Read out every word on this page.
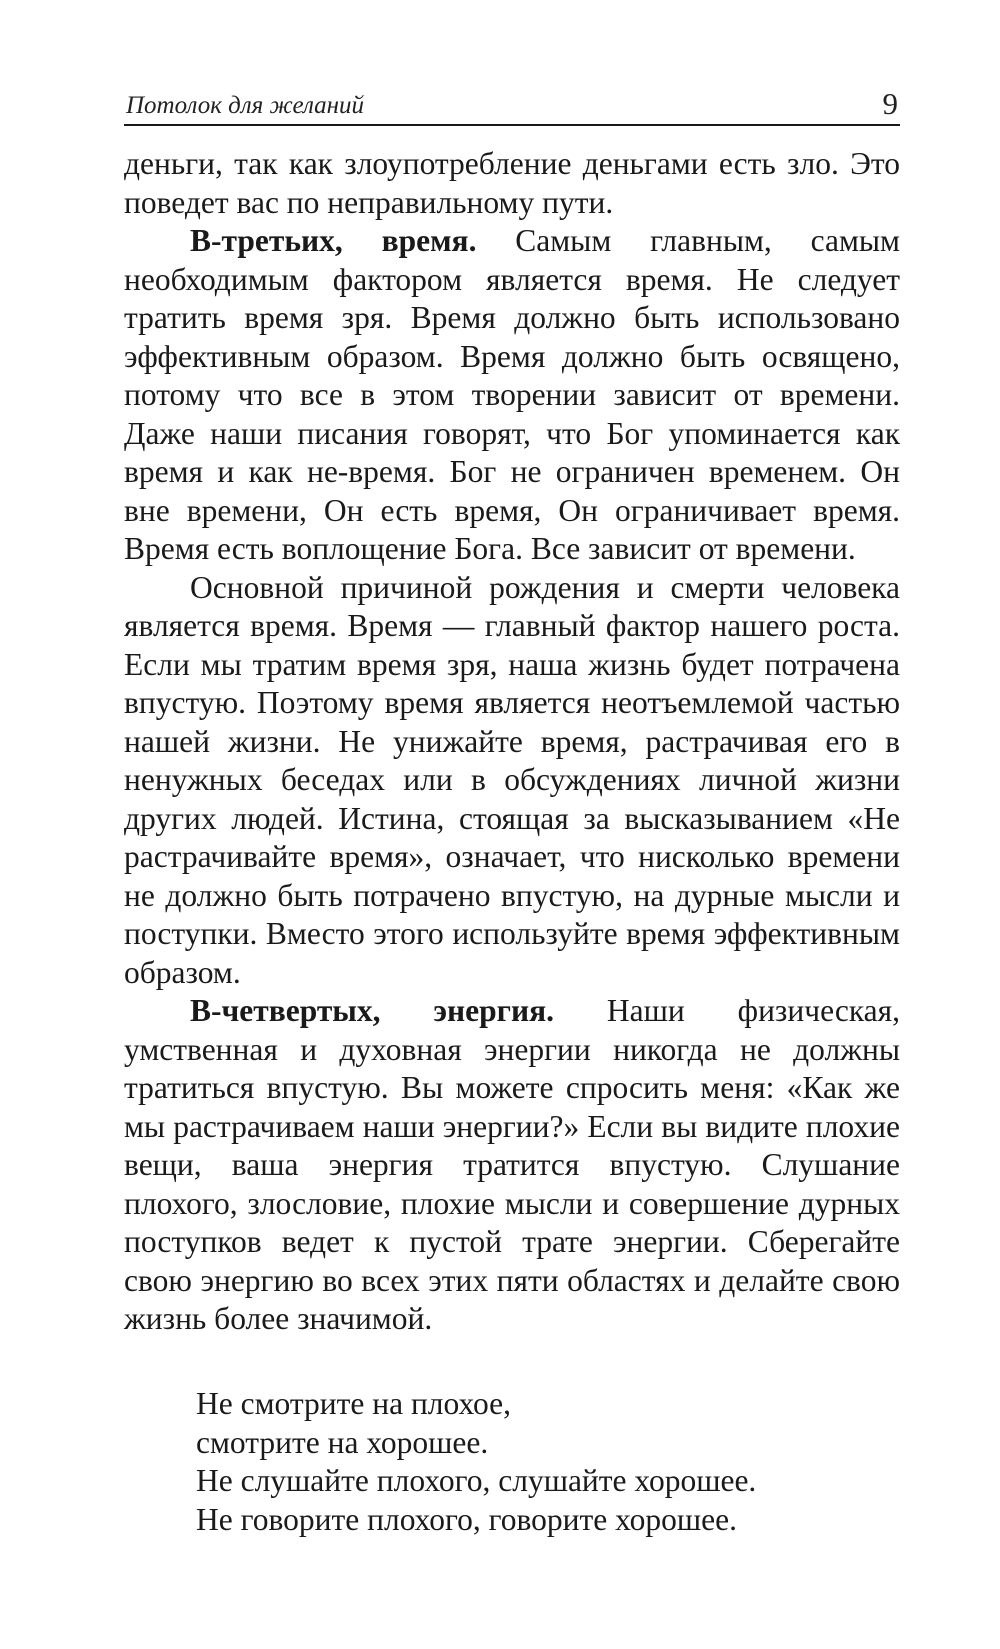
Потолок для желаний	9

деньги, так как злоупотребление деньгами есть зло. Это поведет вас по неправильному пути.

В-третьих, время. Самым главным, самым необходимым фактором является время. Не следует тратить время зря. Время должно быть использовано эффективным образом. Время должно быть освящено, потому что все в этом творении зависит от времени. Даже наши писания говорят, что Бог упоминается как время и как не-время. Бог не ограничен временем. Он вне времени, Он есть время, Он ограничивает время. Время есть воплощение Бога. Все зависит от времени.

Основной причиной рождения и смерти человека является время. Время — главный фактор нашего роста. Если мы тратим время зря, наша жизнь будет потрачена впустую. Поэтому время является неотъемлемой частью нашей жизни. Не унижайте время, растрачивая его в ненужных беседах или в обсуждениях личной жизни других людей. Истина, стоящая за высказыванием «Не растрачивайте время», означает, что нисколько времени не должно быть потрачено впустую, на дурные мысли и поступки. Вместо этого используйте время эффективным образом.

В-четвертых, энергия. Наши физическая, умственная и духовная энергии никогда не должны тратиться впустую. Вы можете спросить меня: «Как же мы растрачиваем наши энергии?» Если вы видите плохие вещи, ваша энергия тратится впустую. Слушание плохого, злословие, плохие мысли и совершение дурных поступков ведет к пустой трате энергии. Сберегайте свою энергию во всех этих пяти областях и делайте свою жизнь более значимой.

Не смотрите на плохое,
смотрите на хорошее.
Не слушайте плохого, слушайте хорошее.
Не говорите плохого, говорите хорошее.
